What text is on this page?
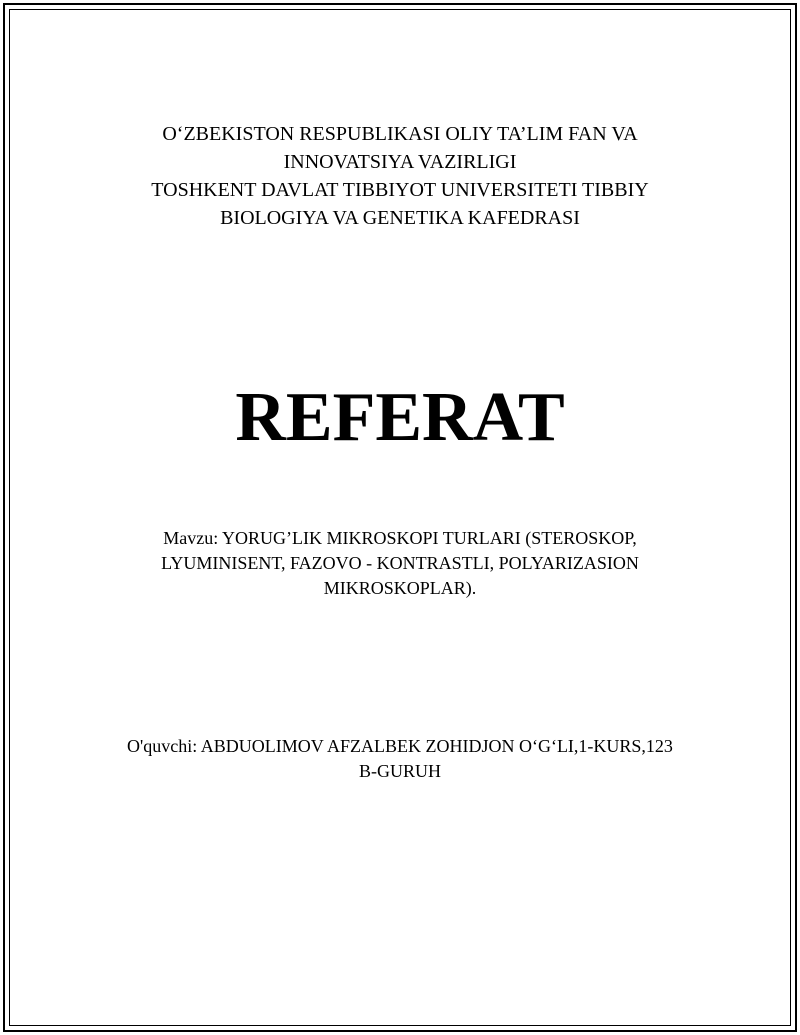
O‘ZBEKISTON RESPUBLIKASI OLIY TA’LIM FAN VA
INNOVATSIYA VAZIRLIGI
TOSHKENT DAVLAT TIBBIYOT UNIVERSITETI TIBBIY
BIOLOGIYA VA GENETIKA KAFEDRASI
REFERAT
Mavzu: YORUG’LIK MIKROSKOPI TURLARI (STEROSKOP,
LYUMINISENT, FAZOVO - KONTRASTLI, POLYARIZASION
MIKROSKOPLAR).
O'quvchi: ABDUOLIMOV AFZALBEK ZOHIDJON O‘G‘LI,1-KURS,123
B-GURUH
